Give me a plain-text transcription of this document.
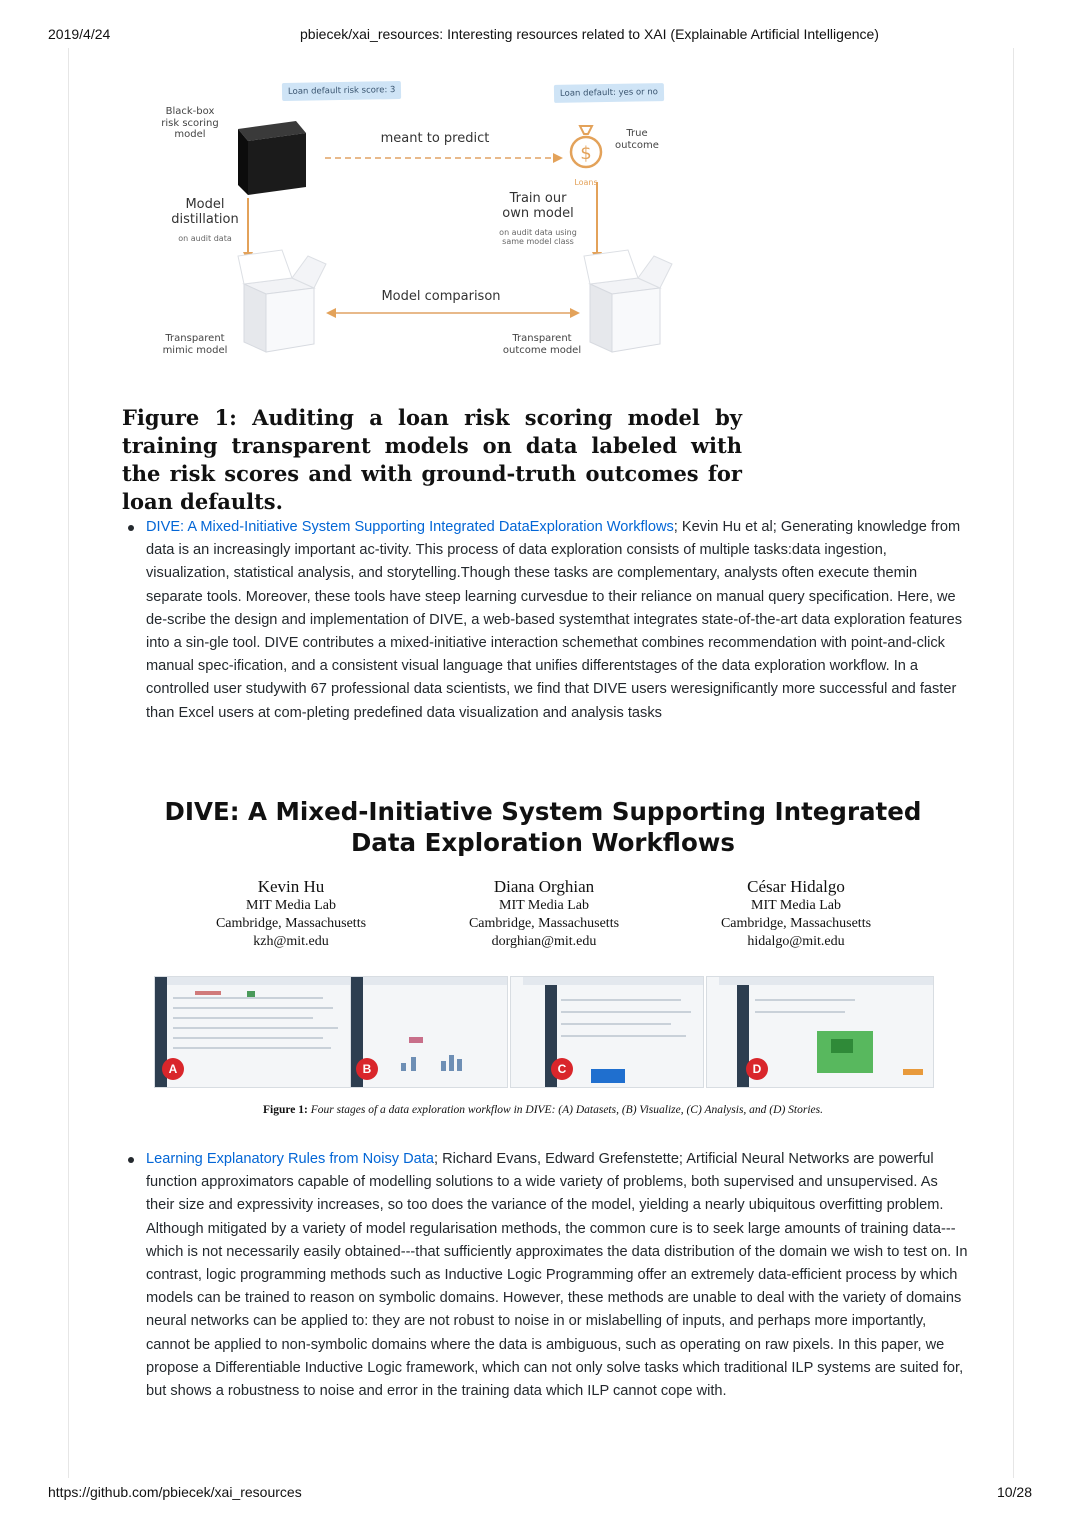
2019/4/24	pbiecek/xai_resources: Interesting resources related to XAI (Explainable Artificial Intelligence)
Loan default risk score: 3	Loan default: yes or no
Black-box
risk scoring
model	meant to predict
$
Loans
True
outcome
Model
distillation
on audit data
Train our
own model
on audit data using
same model class
Model comparison
Transparent
mimic model
Transparent
outcome model
Figure 1: Auditing a loan risk scoring model by training transparent models on data labeled with the risk scores and with ground-truth outcomes for loan defaults.
DIVE: A Mixed-Initiative System Supporting Integrated DataExploration Workflows; Kevin Hu et al; Generating knowledge from data is an increasingly important ac-tivity. This process of data exploration consists of multiple tasks:data ingestion, visualization, statistical analysis, and storytelling.Though these tasks are complementary, analysts often execute themin separate tools. Moreover, these tools have steep learning curvesdue to their reliance on manual query specification. Here, we de-scribe the design and implementation of DIVE, a web-based systemthat integrates state-of-the-art data exploration features into a sin-gle tool. DIVE contributes a mixed-initiative interaction schemethat combines recommendation with point-and-click manual spec-ification, and a consistent visual language that unifies differentstages of the data exploration workflow. In a controlled user studywith 67 professional data scientists, we find that DIVE users weresignificantly more successful and faster than Excel users at com-pleting predefined data visualization and analysis tasks
DIVE: A Mixed-Initiative System Supporting Integrated Data Exploration Workflows
Kevin Hu
MIT Media Lab
Cambridge, Massachusetts
kzh@mit.edu
Diana Orghian
MIT Media Lab
Cambridge, Massachusetts
dorghian@mit.edu
César Hidalgo
MIT Media Lab
Cambridge, Massachusetts
hidalgo@mit.edu
A	B	C	D
Figure 1: Four stages of a data exploration workflow in DIVE: (A) Datasets, (B) Visualize, (C) Analysis, and (D) Stories.
Learning Explanatory Rules from Noisy Data; Richard Evans, Edward Grefenstette; Artificial Neural Networks are powerful function approximators capable of modelling solutions to a wide variety of problems, both supervised and unsupervised. As their size and expressivity increases, so too does the variance of the model, yielding a nearly ubiquitous overfitting problem. Although mitigated by a variety of model regularisation methods, the common cure is to seek large amounts of training data---which is not necessarily easily obtained---that sufficiently approximates the data distribution of the domain we wish to test on. In contrast, logic programming methods such as Inductive Logic Programming offer an extremely data-efficient process by which models can be trained to reason on symbolic domains. However, these methods are unable to deal with the variety of domains neural networks can be applied to: they are not robust to noise in or mislabelling of inputs, and perhaps more importantly, cannot be applied to non-symbolic domains where the data is ambiguous, such as operating on raw pixels. In this paper, we propose a Differentiable Inductive Logic framework, which can not only solve tasks which traditional ILP systems are suited for, but shows a robustness to noise and error in the training data which ILP cannot cope with.
https://github.com/pbiecek/xai_resources	10/28
